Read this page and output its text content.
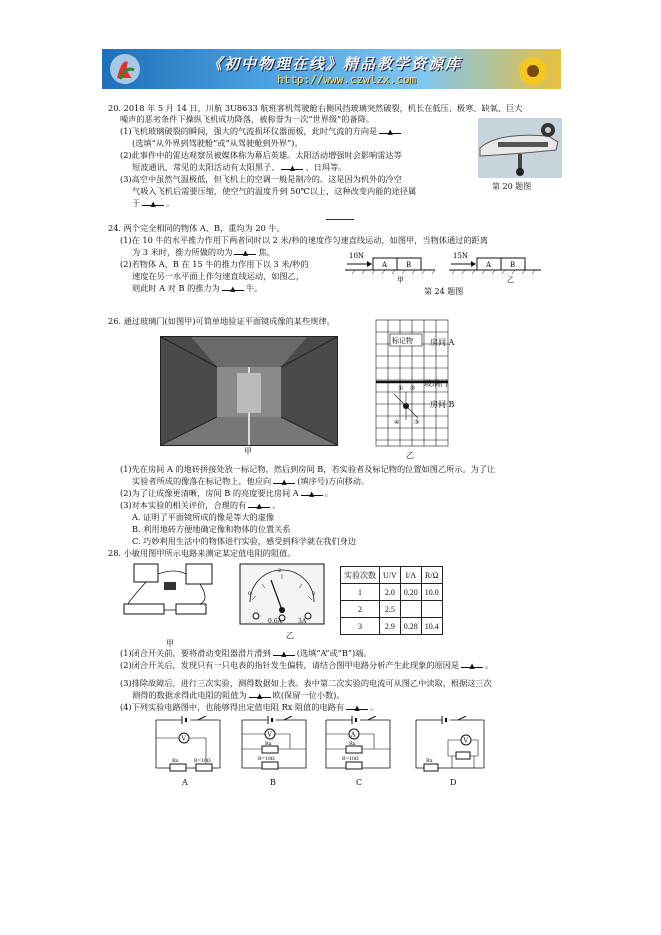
《初中物理在线》精品教学资源库
http://www.czwlzx.com
20. 2018 年 5 月 14 日，川航 3U8633 航班客机驾驶舱右侧风挡玻璃突然破裂，机长在低压、极寒、缺氧、巨大
噪声的恶劣条件下操纵飞机成功降落，被称誉为一次“世界级”的备降。
(1)飞机玻璃破裂的瞬间，强大的气流损坏仪器面板，此时气流的方向是 ▲
(选填“从外界到驾驶舱”或“从驾驶舱到外界”)。
(2)此事件中的雷达观察员被媒体称为幕后英雄。太阳活动增强时会影响雷达等
短波通讯，常见的太阳活动有太阳黑子、 ▲ 、日珥等。
(3)高空中虽然气温极低，但飞机上的空调一般是制冷的。这是因为机外的冷空
气吸入飞机后需要压缩，使空气的温度升到 50℃以上，这种改变内能的途径属
于 ▲ 。
第 20 题图
24. 两个完全相同的物体 A、B，重均为 20 牛。
(1)在 10 牛的水平推力作用下两者同时以 2 米/秒的速度作匀速直线运动，如图甲，当物体通过的距离
为 3 米时，推力所做的功为 ▲ 焦。
(2)若物体 A、B 在 15 牛的推力作用下以 3 米/秒的
速度在另一水平面上作匀速直线运动，如图乙，
则此时 A 对 B 的推力为 ▲ 牛。
10N
A	B
甲
15N
A	B
乙
第 24 题图
26. 通过玻璃门(如图甲)可简单地验证平面镜成像的某些规律。
甲
标记物
① ②
③
④
房间 A
玻璃门
房间 B
乙
(1)先在房间 A 的地砖拼接处放一标记物，然后到房间 B，若实验者及标记物的位置如图乙所示。为了让
实验者所成的像落在标记物上，他应向 ▲ (填序号)方向移动。
(2)为了让成像更清晰，房间 B 的亮度要比房间 A ▲ 。
(3)对本实验的相关评价，合理的有 ▲ 。
A. 证明了平面镜所成的像是等大的虚像
B. 利用地砖方便地确定像和物体的位置关系
C. 巧妙利用生活中的物体进行实验，感受到科学就在我们身边
28. 小敏用图甲所示电路来测定某定值电阻的阻值。
甲
0
2
3
0.6A	3A
乙
实验次数	U/V	I/A	R/Ω
1	2.0	0.20	10.0
2	2.5		
3	2.9	0.28	10.4
(1)闭合开关前，要将滑动变阻器滑片滑到 ▲ (选填“A”或“B”)端。
(2)闭合开关后，发现只有一只电表的指针发生偏转，请结合图甲电路分析产生此现象的原因是 ▲ 。
(3)排除故障后，进行三次实验，测得数据如上表。表中第二次实验的电流可从图乙中读取，根据这三次
测得的数据求得此电阻的阻值为 ▲ 欧(保留一位小数)。
(4)下列实验电路图中，也能够得出定值电阻 Rx 阻值的电路有 ▲ 。
V
Rx	R=10Ω
A
V
Rx
R=10Ω
B
A
Rx
R=10Ω
C
Rx
V
D
